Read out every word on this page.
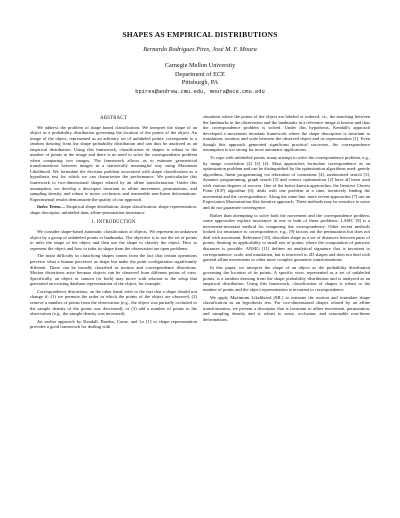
SHAPES AS EMPIRICAL DISTRIBUTIONS
Bernardo Rodrigues Pires, José M. F. Moura
Carnegie Mellon University
Department of ECE
Pittsburgh, PA
bpires@andrew.cmu.edu, moura@ece.cmu.edu
ABSTRACT

We address the problem of shape based classification. We interpret the shape of an object as a probability distribution governing the location of the points of the object. An image of the object, represented as an arbitrary set of unlabeled points, corresponds to a random drawing from the shape probability distribution and can thus be analyzed as an empirical distribution. Using this framework, classification of shapes is robust to the number of points in the image and there is no need to solve the correspondence problem when comparing two images. The framework allows us to estimate geometrical transformations between images in a statistically meaningful way using Maximum Likelihood. We formulate the decision problem associated with shape classification as a hypothesis test for which we can characterize the performance. We particularize this framework to two-dimensional shapes related by an affine transformation. Under this assumption, we develop a descriptor invariant to affine movement, permutations, and sampling density, and robust to noise, occlusion, and reasonable non-linear deformations. Experimental results demonstrate the quality of our approach.

Index Terms— Empirical shape distribution, shape classification, shape representation, shape descriptor, unlabeled data, affine-permutation invariance

1. INTRODUCTION

We consider shape-based automatic classification of objects. We represent an unknown object by a group of unlabeled points or landmarks. The objective is to use the set of points to infer the shape of the object and then use the shape to classify the object. How to represent the object and how to infer its shape from the observation are open problems.

The main difficulty in classifying shapes comes from the fact that certain operations perceive what a human perceives as shape but make the point configuration significantly different. These can be broadly classified as motion and correspondence distortions. Motion distortions arise because objects can be observed from different points of view. Specifically, an object or camera (or both) may move with relation to the setup that generated an existing database representation of the object, for example.

Correspondence distortions, on the other hand, refer to the fact that a shape should not change if: (1) we permute the order in which the points of the object are observed, (2) remove a number of points from the observation (e.g., the object was partially occluded or the sample density of the points was decreased), or (3) add a number of points to the observation (e.g., the sample density was increased).

An earlier approach by Kendall, Barden, Carne, and Le [1] to shape representation provides a good framework for dealing with

situations where the points of the object are labeled or ordered, i.e., the matching between the landmarks in the observation and the landmarks in a reference image is known and thus the correspondence problem is solved. Under this hypothesis, Kendall's approach developed a movement invariant framework where the shape description is invariant to translation, rotation, and scale between the observed object and its representation [1]. Even though this approach generated significant practical successes, the correspondence assumption is too strong for most automatic applications.

To cope with unlabeled points, many attempt to solve the correspondence problem, e.g., by image correlation [2] [3] [4]. Most approaches formulate correspondence as an optimization problem and can be distinguished by the optimization algorithms used: greedy algorithms, linear programming via relaxation of constraints [4], randomized search [3], dynamic programming, graph search [5] and convex optimization [2] have all been used with various degrees of success. One of the better known approaches, the Iterative Closest Point (ICP) algorithm [6], deals with one problem at a time, iteratively finding the movement and the correspondence. Along the same line, more recent approaches [7] use an Expectation Maximization-like iterative approach. These methods may be sensitive to noise and do not guarantee convergence.

Rather than attempting to solve both the movement and the correspondence problem, some approaches explore invariance in one or both of these problems. LASIC [8] is a movement-invariant method for computing the correspondence. Other recent methods looked for invariance to correspondence, e.g., [9] factors out the permutation but does not deal with movement. Reference [10], describes shape as a set of distances between pairs of points, limiting its applicability to small sets of points, where the computation of pairwise distances is possible. ANSIG [11] defines an analytical signature that is invariant to correspondence, scale, and translation, but is restricted to 2D shapes and does not deal with general affine movements or other more complex geometric transformations.

In this paper, we interpret the shape of an object as the probability distribution governing the location of its points. A specific view, represented as a set of unlabeled points, is a random drawing from the shape probability distribution and is analyzed as an empirical distribution. Using this framework, classification of shapes is robust to the number of points and the object representation is invariant to correspondence.

We apply Maximum Likelihood (ML) to estimate the motion and formulate shape classification as an hypothesis test. For two-dimensional shapes related by an affine transformation, we present a descriptor that is invariant to affine movement, permutation, and sampling density and is robust to noise, occlusion, and reasonable non-linear deformations.
